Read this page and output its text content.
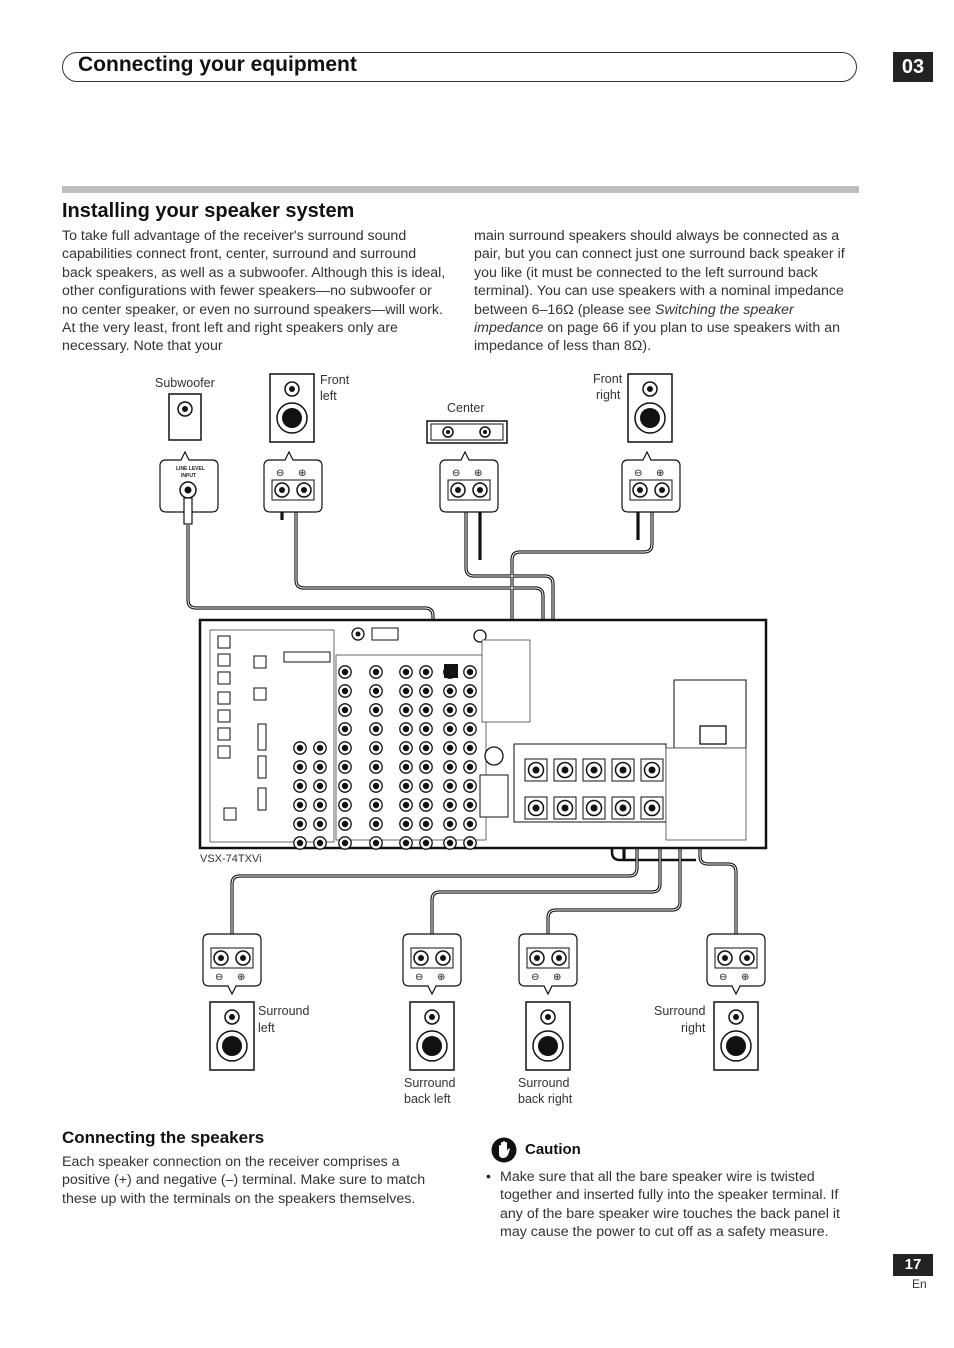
Connecting your equipment	03
Installing your speaker system

To take full advantage of the receiver's surround sound capabilities connect front, center, surround and surround back speakers, as well as a subwoofer. Although this is ideal, other configurations with fewer speakers—no subwoofer or no center speaker, or even no surround speakers—will work. At the very least, front left and right speakers only are necessary. Note that your

main surround speakers should always be connected as a pair, but you can connect just one surround back speaker if you like (it must be connected to the left surround back terminal). You can use speakers with a nominal impedance between 6–16Ω (please see Switching the speaker impedance on page 66 if you plan to use speakers with an impedance of less than 8Ω).

Subwoofer
LINE LEVEL
INPUT
Front
left
⊖ ⊕
Center
⊖ ⊕
Front
right
⊖ ⊕
VSX-74TXVi
⊖ ⊕	⊖ ⊕	⊖ ⊕	⊖ ⊕
Surround
left
Surround
back left
Surround
back right
Surround
right
Connecting the speakers

Each speaker connection on the receiver comprises a positive (+) and negative (–) terminal. Make sure to match these up with the terminals on the speakers themselves.

Caution
• Make sure that all the bare speaker wire is twisted together and inserted fully into the speaker terminal. If any of the bare speaker wire touches the back panel it may cause the power to cut off as a safety measure.

17
En
